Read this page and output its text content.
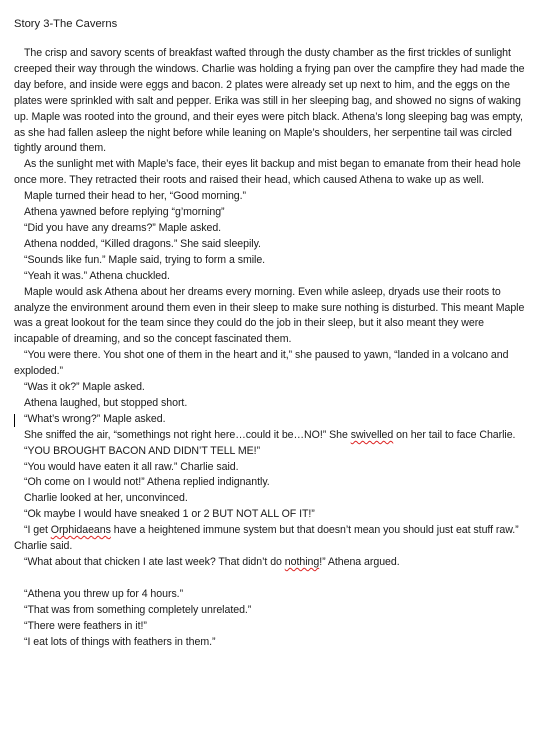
Story 3-The Caverns

The crisp and savory scents of breakfast wafted through the dusty chamber as the first trickles of sunlight creeped their way through the windows. Charlie was holding a frying pan over the campfire they had made the day before, and inside were eggs and bacon. 2 plates were already set up next to him, and the eggs on the plates were sprinkled with salt and pepper. Erika was still in her sleeping bag, and showed no signs of waking up. Maple was rooted into the ground, and their eyes were pitch black. Athena’s long sleeping bag was empty, as she had fallen asleep the night before while leaning on Maple’s shoulders, her serpentine tail was circled tightly around them.

As the sunlight met with Maple’s face, their eyes lit backup and mist began to emanate from their head hole once more. They retracted their roots and raised their head, which caused Athena to wake up as well.

Maple turned their head to her, “Good morning.”

Athena yawned before replying “g’morning”

“Did you have any dreams?” Maple asked.

Athena nodded, “Killed dragons.” She said sleepily.

“Sounds like fun.” Maple said, trying to form a smile.

“Yeah it was.” Athena chuckled.

Maple would ask Athena about her dreams every morning. Even while asleep, dryads use their roots to analyze the environment around them even in their sleep to make sure nothing is disturbed. This meant Maple was a great lookout for the team since they could do the job in their sleep, but it also meant they were incapable of dreaming, and so the concept fascinated them.

“You were there. You shot one of them in the heart and it,” she paused to yawn, “landed in a volcano and exploded.”

“Was it ok?” Maple asked.

Athena laughed, but stopped short.

“What’s wrong?” Maple asked.

She sniffed the air, “somethings not right here…could it be…NO!” She swivelled on her tail to face Charlie.

“YOU BROUGHT BACON AND DIDN’T TELL ME!”

“You would have eaten it all raw.” Charlie said.

“Oh come on I would not!” Athena replied indignantly.

Charlie looked at her, unconvinced.

“Ok maybe I would have sneaked 1 or 2 BUT NOT ALL OF IT!”

“I get Orphidaeans have a heightened immune system but that doesn’t mean you should just eat stuff raw.” Charlie said.

“What about that chicken I ate last week? That didn’t do nothing!” Athena argued.

“Athena you threw up for 4 hours.”

“That was from something completely unrelated.”

“There were feathers in it!”

“I eat lots of things with feathers in them.”
